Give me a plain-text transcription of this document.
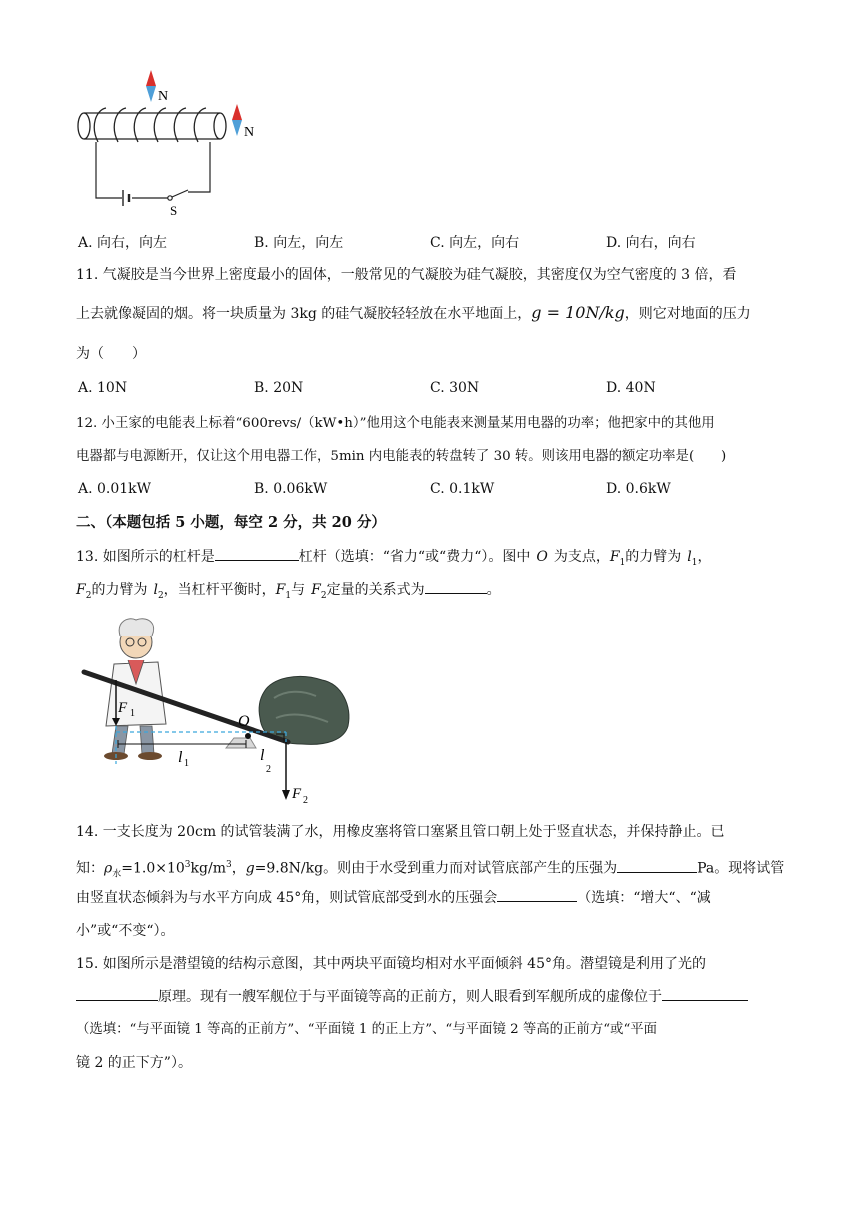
S
N
N
A. 向右，向左	B. 向左，向左	C. 向左，向右	D. 向右，向右
11. 气凝胶是当今世界上密度最小的固体，一般常见的气凝胶为硅气凝胶，其密度仅为空气密度的 3 倍，看
上去就像凝固的烟。将一块质量为 3kg 的硅气凝胶轻轻放在水平地面上，g = 10N/kg，则它对地面的压力
为（　　）
A. 10N	B. 20N	C. 30N	D. 40N
12. 小王家的电能表上标着“600revs/（kW•h）”他用这个电能表来测量某用电器的功率；他把家中的其他用
电器都与电源断开，仅让这个用电器工作，5min 内电能表的转盘转了 30 转。则该用电器的额定功率是(　　)
A. 0.01kW	B. 0.06kW	C. 0.1kW	D. 0.6kW
二、（本题包括 5 小题，每空 2 分，共 20 分）
13. 如图所示的杠杆是	杠杆（选填：“省力“或“费力“）。图中 O 为支点，$F_1$的力臂为 $l_1$，
$F_2$的力臂为 $l_2$，当杠杆平衡时，$F_1$与 $F_2$定量的关系式为	。
O
F 1
l 1	l
2
F 2
14. 一支长度为 20cm 的试管装满了水，用橡皮塞将管口塞紧且管口朝上处于竖直状态，并保持静止。已
知：$\rho_水=1.0\times 10^3kg/m^3$，g=9.8N/kg。则由于水受到重力而对试管底部产生的压强为	Pa。现将试管
由竖直状态倾斜为与水平方向成 45°角，则试管底部受到水的压强会	（选填：“增大“、“减
小”或“不变“）。
15. 如图所示是潜望镜的结构示意图，其中两块平面镜均相对水平面倾斜 45°角。潜望镜是利用了光的
原理。现有一艘军舰位于与平面镜等高的正前方，则人眼看到军舰所成的虚像位于
（选填：“与平面镜 1 等高的正前方”、“平面镜 1 的正上方”、“与平面镜 2 等高的正前方“或“平面
镜 2 的正下方”）。
